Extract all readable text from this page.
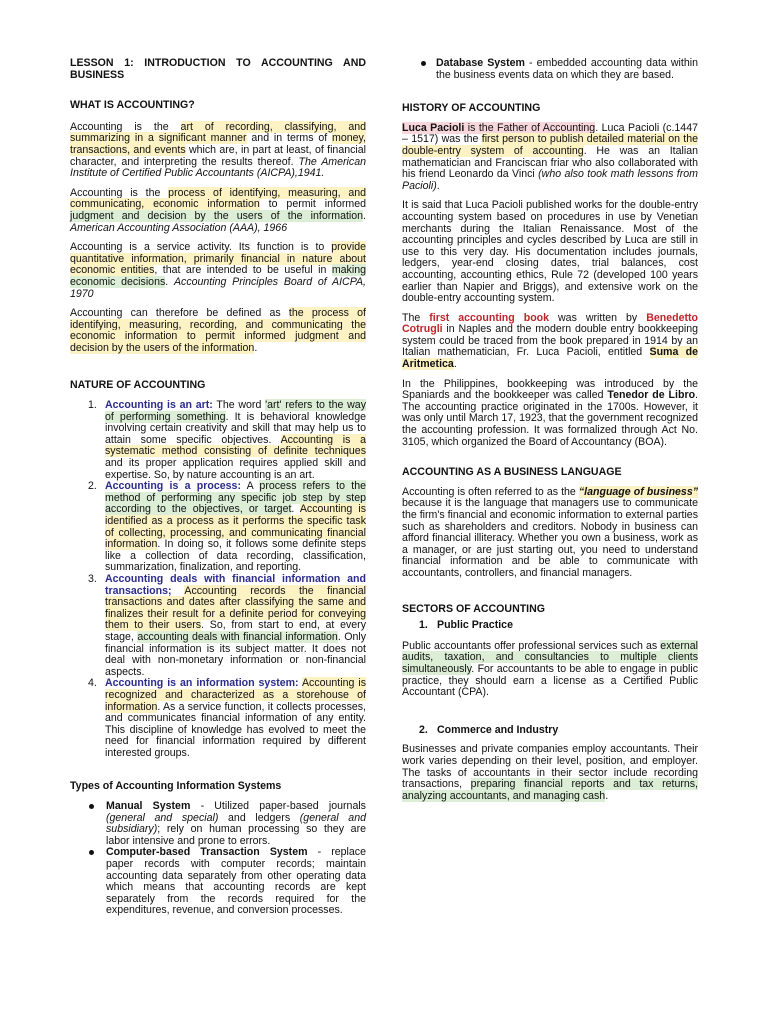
LESSON 1: INTRODUCTION TO ACCOUNTING AND BUSINESS

WHAT IS ACCOUNTING?

Accounting is the art of recording, classifying, and summarizing in a significant manner and in terms of money, transactions, and events which are, in part at least, of financial character, and interpreting the results thereof. The American Institute of Certified Public Accountants (AICPA),1941.

Accounting is the process of identifying, measuring, and communicating, economic information to permit informed judgment and decision by the users of the information. American Accounting Association (AAA), 1966

Accounting is a service activity. Its function is to provide quantitative information, primarily financial in nature about economic entities, that are intended to be useful in making economic decisions. Accounting Principles Board of AICPA, 1970

Accounting can therefore be defined as the process of identifying, measuring, recording, and communicating the economic information to permit informed judgment and decision by the users of the information.

NATURE OF ACCOUNTING

1. Accounting is an art: The word 'art' refers to the way of performing something. It is behavioral knowledge involving certain creativity and skill that may help us to attain some specific objectives. Accounting is a systematic method consisting of definite techniques and its proper application requires applied skill and expertise. So, by nature accounting is an art.
2. Accounting is a process: A process refers to the method of performing any specific job step by step according to the objectives, or target. Accounting is identified as a process as it performs the specific task of collecting, processing, and communicating financial information. In doing so, it follows some definite steps like a collection of data recording, classification, summarization, finalization, and reporting.
3. Accounting deals with financial information and transactions; Accounting records the financial transactions and dates after classifying the same and finalizes their result for a definite period for conveying them to their users. So, from start to end, at every stage, accounting deals with financial information. Only financial information is its subject matter. It does not deal with non-monetary information or non-financial aspects.
4. Accounting is an information system: Accounting is recognized and characterized as a storehouse of information. As a service function, it collects processes, and communicates financial information of any entity. This discipline of knowledge has evolved to meet the need for financial information required by different interested groups.

Types of Accounting Information Systems

Manual System - Utilized paper-based journals (general and special) and ledgers (general and subsidiary); rely on human processing so they are labor intensive and prone to errors.
Computer-based Transaction System - replace paper records with computer records; maintain accounting data separately from other operating data which means that accounting records are kept separately from the records required for the expenditures, revenue, and conversion processes.
Database System - embedded accounting data within the business events data on which they are based.

HISTORY OF ACCOUNTING

Luca Pacioli is the Father of Accounting. Luca Pacioli (c.1447 – 1517) was the first person to publish detailed material on the double-entry system of accounting. He was an Italian mathematician and Franciscan friar who also collaborated with his friend Leonardo da Vinci (who also took math lessons from Pacioli).

It is said that Luca Pacioli published works for the double-entry accounting system based on procedures in use by Venetian merchants during the Italian Renaissance. Most of the accounting principles and cycles described by Luca are still in use to this very day. His documentation includes journals, ledgers, year-end closing dates, trial balances, cost accounting, accounting ethics, Rule 72 (developed 100 years earlier than Napier and Briggs), and extensive work on the double-entry accounting system.

The first accounting book was written by Benedetto Cotrugli in Naples and the modern double entry bookkeeping system could be traced from the book prepared in 1914 by an Italian mathematician, Fr. Luca Pacioli, entitled Suma de Aritmetica.

In the Philippines, bookkeeping was introduced by the Spaniards and the bookkeeper was called Tenedor de Libro. The accounting practice originated in the 1700s. However, it was only until March 17, 1923, that the government recognized the accounting profession. It was formalized through Act No. 3105, which organized the Board of Accountancy (BOA).

ACCOUNTING AS A BUSINESS LANGUAGE

Accounting is often referred to as the “language of business” because it is the language that managers use to communicate the firm's financial and economic information to external parties such as shareholders and creditors. Nobody in business can afford financial illiteracy. Whether you own a business, work as a manager, or are just starting out, you need to understand financial information and be able to communicate with accountants, controllers, and financial managers.

SECTORS OF ACCOUNTING

1. Public Practice

Public accountants offer professional services such as external audits, taxation, and consultancies to multiple clients simultaneously. For accountants to be able to engage in public practice, they should earn a license as a Certified Public Accountant (CPA).

2. Commerce and Industry

Businesses and private companies employ accountants. Their work varies depending on their level, position, and employer. The tasks of accountants in their sector include recording transactions, preparing financial reports and tax returns, analyzing accountants, and managing cash.
